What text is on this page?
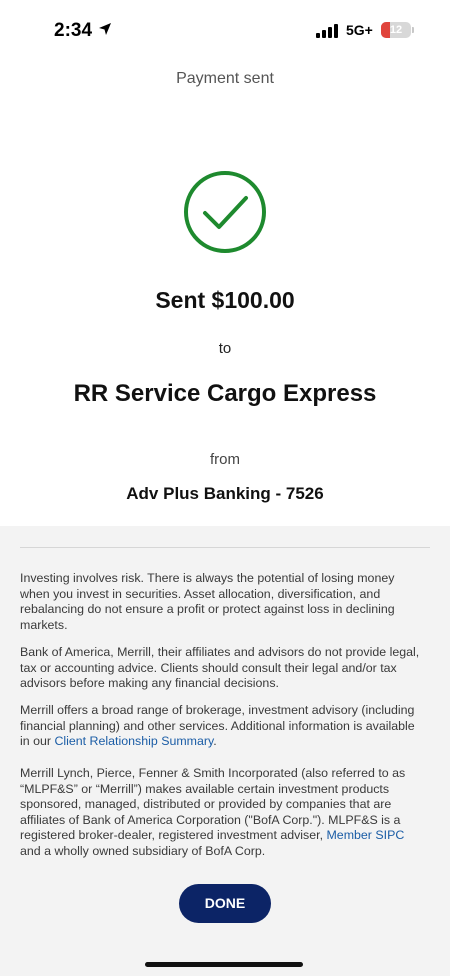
2:34	5G+	12
Payment sent
Sent $100.00
to
RR Service Cargo Express
from
Adv Plus Banking - 7526
Investing involves risk. There is always the potential of losing money when you invest in securities. Asset allocation, diversification, and rebalancing do not ensure a profit or protect against loss in declining markets.
Bank of America, Merrill, their affiliates and advisors do not provide legal, tax or accounting advice. Clients should consult their legal and/or tax advisors before making any financial decisions.
Merrill offers a broad range of brokerage, investment advisory (including financial planning) and other services. Additional information is available in our Client Relationship Summary.
Merrill Lynch, Pierce, Fenner & Smith Incorporated (also referred to as “MLPF&S” or “Merrill”) makes available certain investment products sponsored, managed, distributed or provided by companies that are affiliates of Bank of America Corporation ("BofA Corp."). MLPF&S is a registered broker-dealer, registered investment adviser, Member SIPC and a wholly owned subsidiary of BofA Corp.
DONE
